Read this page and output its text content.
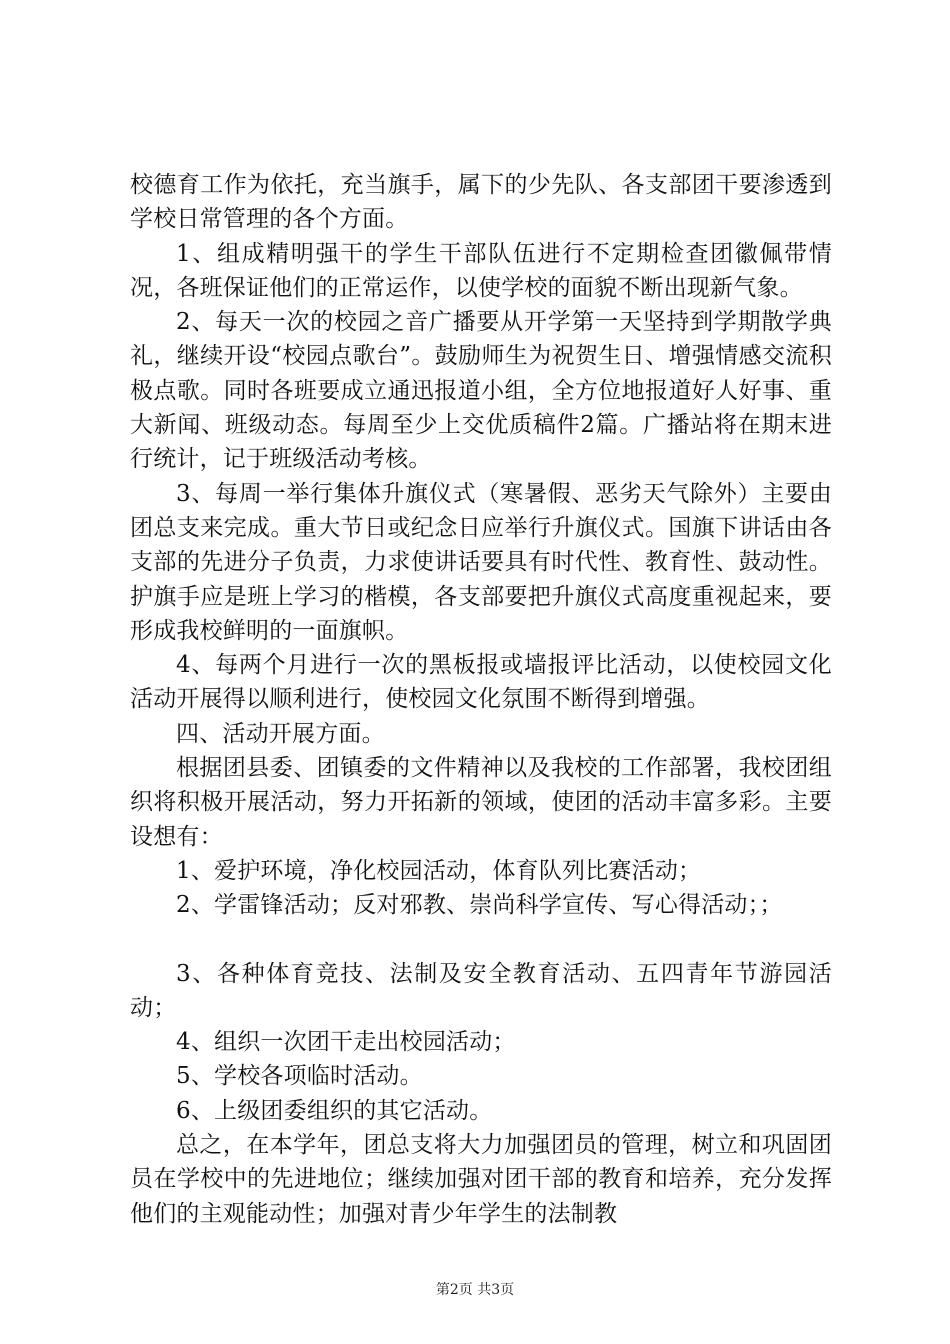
校德育工作为依托，充当旗手，属下的少先队、各支部团干要渗透到学校日常管理的各个方面。

1、组成精明强干的学生干部队伍进行不定期检查团徽佩带情况，各班保证他们的正常运作，以使学校的面貌不断出现新气象。

2、每天一次的校园之音广播要从开学第一天坚持到学期散学典礼，继续开设“校园点歌台”。鼓励师生为祝贺生日、增强情感交流积极点歌。同时各班要成立通迅报道小组，全方位地报道好人好事、重大新闻、班级动态。每周至少上交优质稿件2篇。广播站将在期末进行统计，记于班级活动考核。

3、每周一举行集体升旗仪式（寒暑假、恶劣天气除外）主要由团总支来完成。重大节日或纪念日应举行升旗仪式。国旗下讲话由各支部的先进分子负责，力求使讲话要具有时代性、教育性、鼓动性。护旗手应是班上学习的楷模，各支部要把升旗仪式高度重视起来，要形成我校鲜明的一面旗帜。

4、每两个月进行一次的黑板报或墙报评比活动，以使校园文化活动开展得以顺利进行，使校园文化氛围不断得到增强。

四、活动开展方面。

根据团县委、团镇委的文件精神以及我校的工作部署，我校团组织将积极开展活动，努力开拓新的领域，使团的活动丰富多彩。主要设想有：

1、爱护环境，净化校园活动，体育队列比赛活动；

2、学雷锋活动；反对邪教、崇尚科学宣传、写心得活动；；

3、各种体育竞技、法制及安全教育活动、五四青年节游园活动；

4、组织一次团干走出校园活动；

5、学校各项临时活动。

6、上级团委组织的其它活动。

总之，在本学年，团总支将大力加强团员的管理，树立和巩固团员在学校中的先进地位；继续加强对团干部的教育和培养，充分发挥他们的主观能动性；加强对青少年学生的法制教

第2页 共3页
